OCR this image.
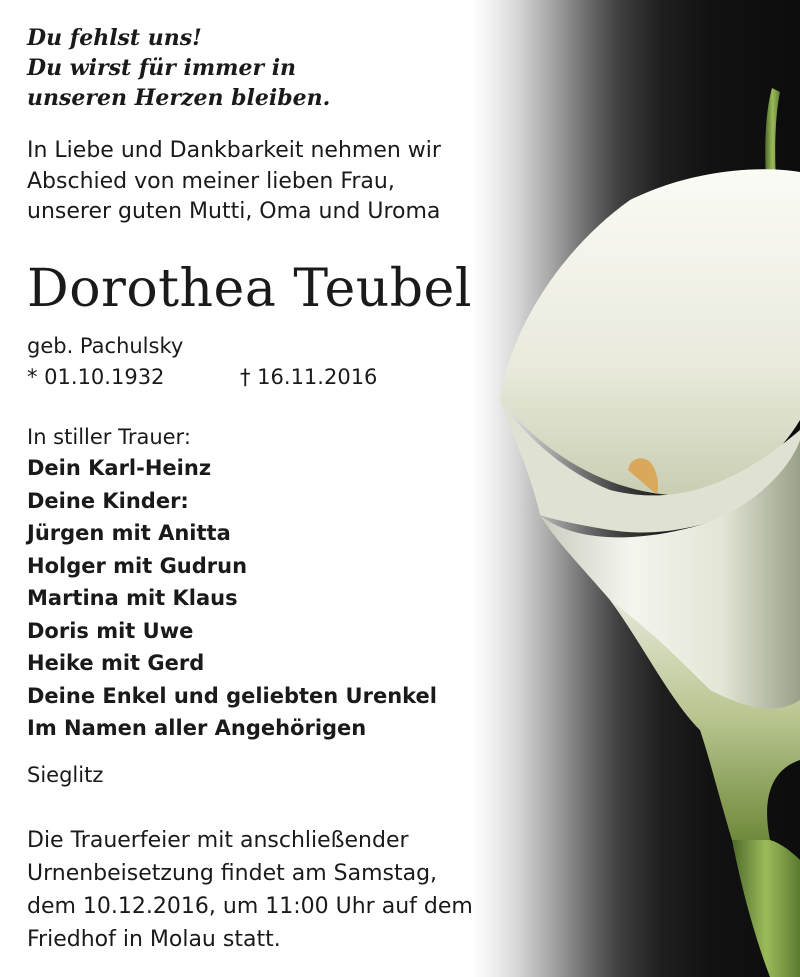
Du fehlst uns!
Du wirst für immer in
unseren Herzen bleiben.
In Liebe und Dankbarkeit nehmen wir
Abschied von meiner lieben Frau,
unserer guten Mutti, Oma und Uroma
Dorothea Teubel
geb. Pachulsky
* 01.10.1932	† 16.11.2016
In stiller Trauer:
Dein Karl-Heinz
Deine Kinder:
Jürgen mit Anitta
Holger mit Gudrun
Martina mit Klaus
Doris mit Uwe
Heike mit Gerd
Deine Enkel und geliebten Urenkel
Im Namen aller Angehörigen
Sieglitz
Die Trauerfeier mit anschließender
Urnenbeisetzung findet am Samstag,
dem 10.12.2016, um 11:00 Uhr auf dem
Friedhof in Molau statt.
